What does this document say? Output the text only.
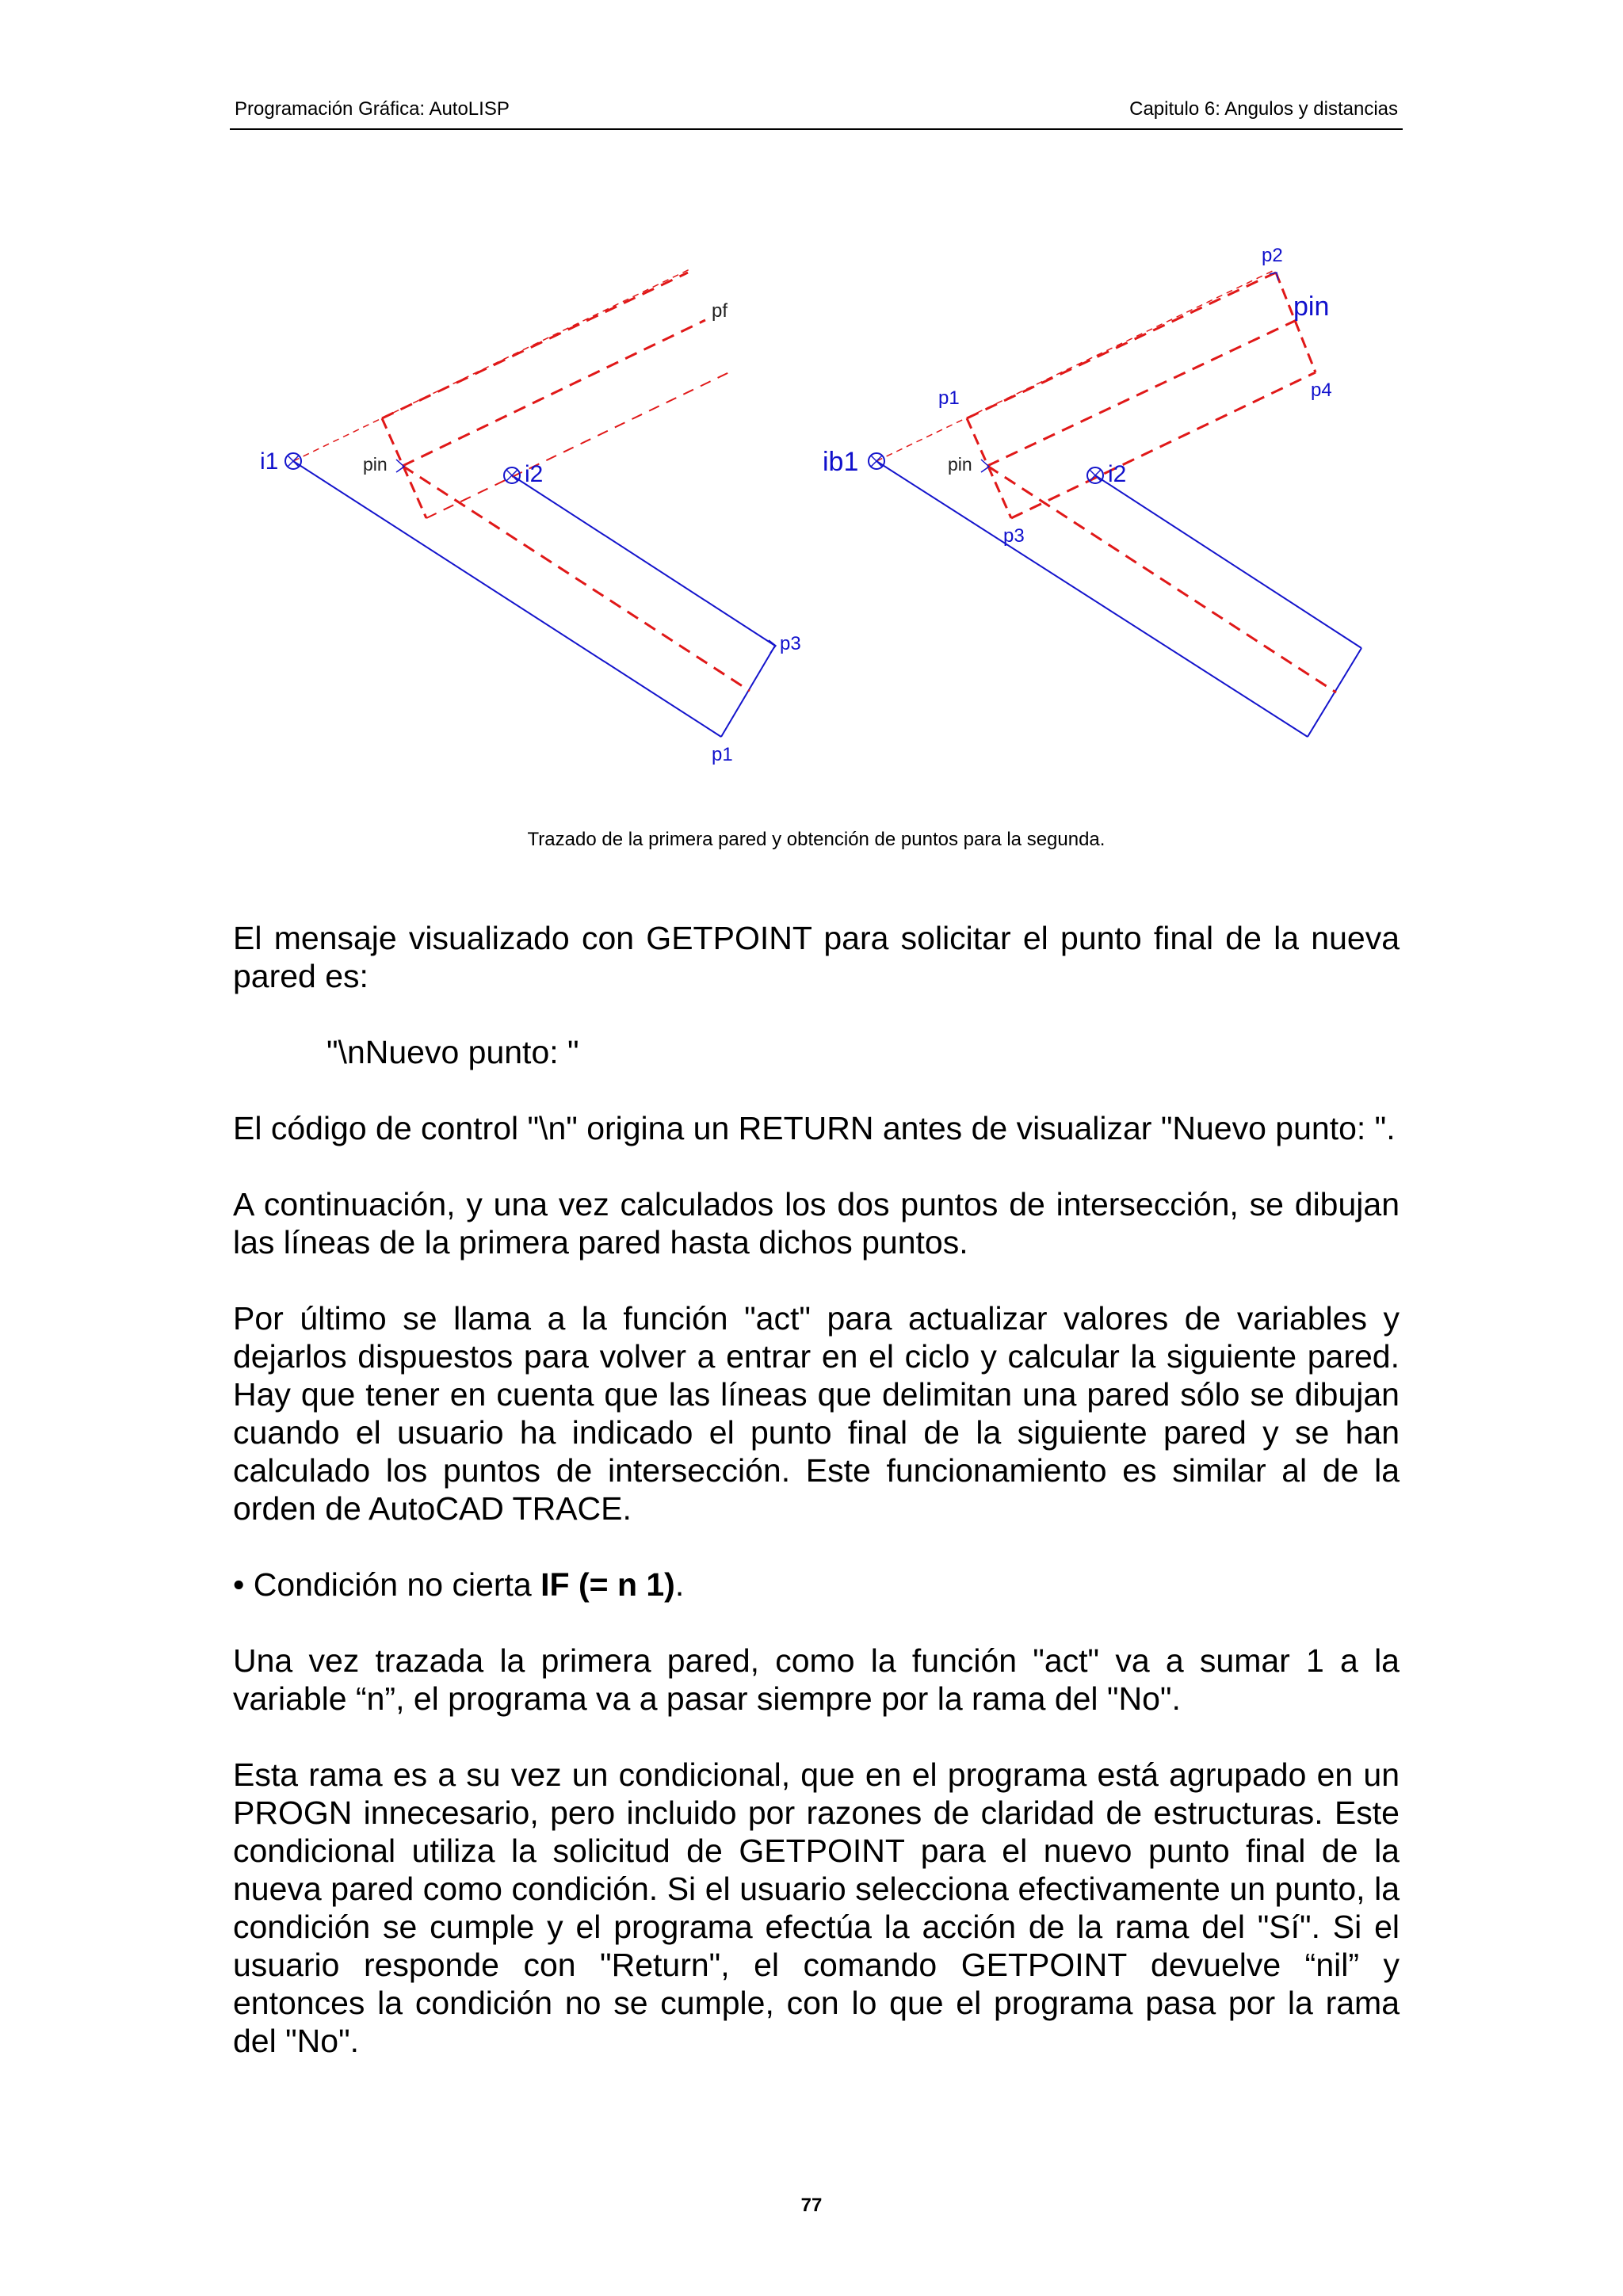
Programación Gráfica: AutoLISP	Capitulo 6: Angulos y distancias
i1	i2
pin
pf
p3
p1
ib1	i2
pin
pin
p1
p2
p3
p4
Trazado de la primera pared y obtención de puntos para la segunda.

El mensaje visualizado con GETPOINT para solicitar el punto final de la nueva pared es:

"\nNuevo punto: "

El código de control "\n" origina un RETURN antes de visualizar "Nuevo punto: ".

A continuación, y una vez calculados los dos puntos de intersección, se dibujan las líneas de la primera pared hasta dichos puntos.

Por último se llama a la función "act" para actualizar valores de variables y dejarlos dispuestos para volver a entrar en el ciclo y calcular la siguiente pared. Hay que tener en cuenta que las líneas que delimitan una pared sólo se dibujan cuando el usuario ha indicado el punto final de la siguiente pared y se han calculado los puntos de intersección. Este funcionamiento es similar al de la orden de AutoCAD TRACE.

• Condición no cierta IF (= n 1).

Una vez trazada la primera pared, como la función "act" va a sumar 1 a la variable “n”, el programa va a pasar siempre por la rama del "No".

Esta rama es a su vez un condicional, que en el programa está agrupado en un PROGN innecesario, pero incluido por razones de claridad de estructuras. Este condicional utiliza la solicitud de GETPOINT para el nuevo punto final de la nueva pared como condición. Si el usuario selecciona efectivamente un punto, la condición se cumple y el programa efectúa la acción de la rama del "Sí". Si el usuario responde con "Return", el comando GETPOINT devuelve “nil” y entonces la condición no se cumple, con lo que el programa pasa por la rama del "No".

77
